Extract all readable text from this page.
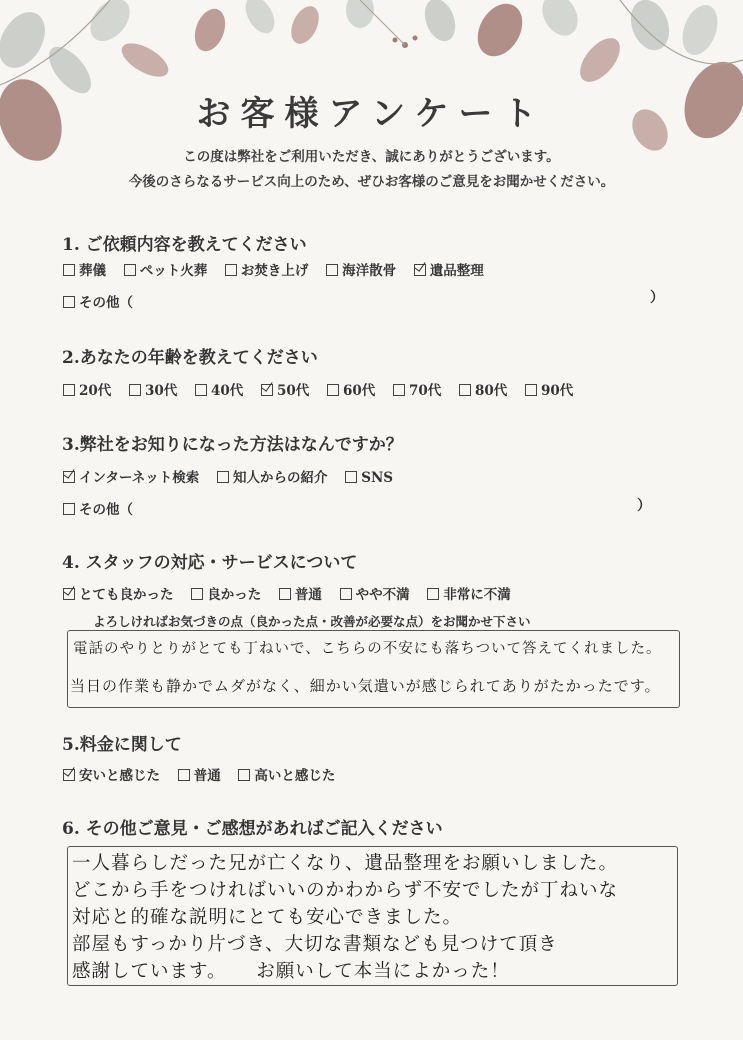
お客様アンケート
この度は弊社をご利用いただき、誠にありがとうございます。
今後のさらなるサービス向上のため、ぜひお客様のご意見をお聞かせください。
1. ご依頼内容を教えてください
葬儀 ペット火葬 お焚き上げ 海洋散骨 遺品整理
その他（	）
2.あなたの年齢を教えてください
20代 30代 40代 50代 60代 70代 80代 90代
3.弊社をお知りになった方法はなんですか？
インターネット検索 知人からの紹介 SNS
その他（	）
4. スタッフの対応・サービスについて
とても良かった 良かった 普通 やや不満 非常に不満
よろしければお気づきの点（良かった点・改善が必要な点）をお聞かせ下さい
電話のやりとりがとても丁ねいで、こちらの不安にも落ちついて答えてくれました。
当日の作業も静かでムダがなく、細かい気遣いが感じられてありがたかったです。
5.料金に関して
安いと感じた 普通 高いと感じた
6. その他ご意見・ご感想があればご記入ください
一人暮らしだった兄が亡くなり、遺品整理をお願いしました。
どこから手をつければいいのかわからず不安でしたが丁ねいな
対応と的確な説明にとても安心できました。
部屋もすっかり片づき、大切な書類なども見つけて頂き
感謝しています。　　お願いして本当によかった！
